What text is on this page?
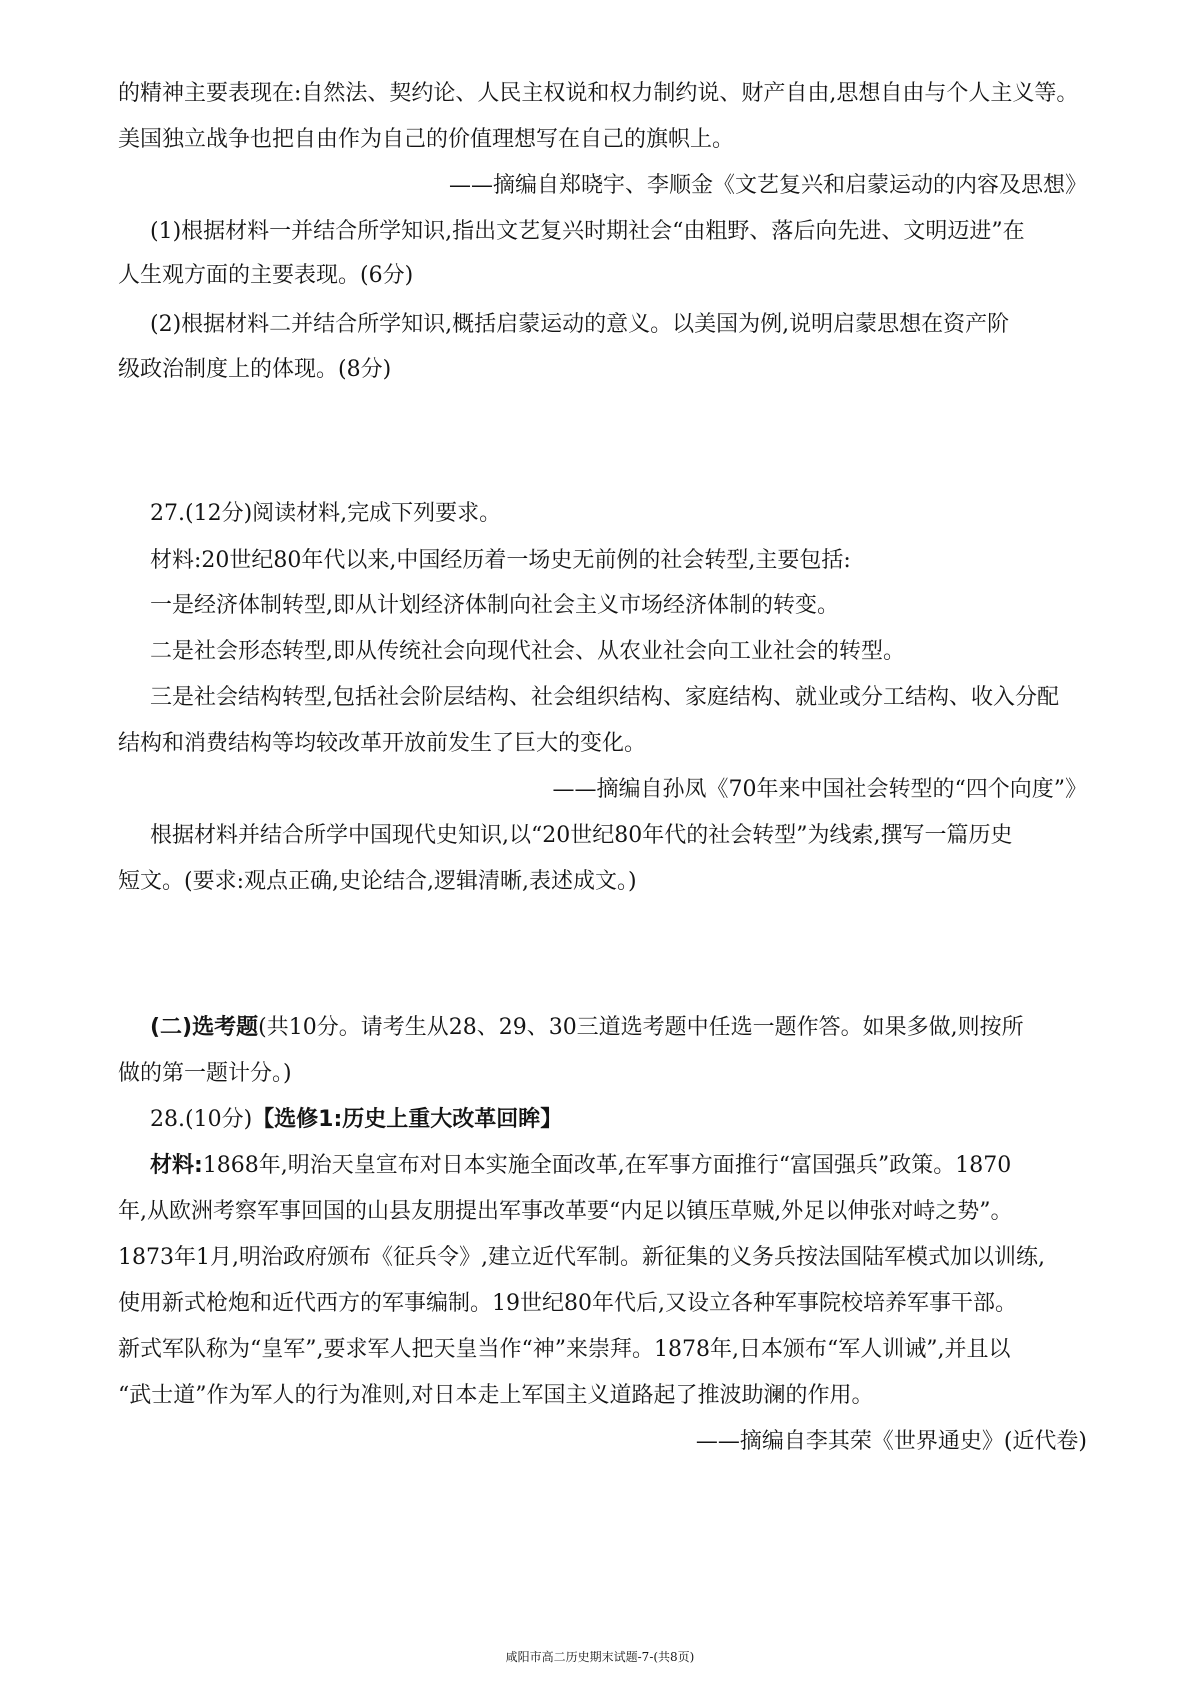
的精神主要表现在:自然法、契约论、人民主权说和权力制约说、财产自由,思想自由与个人主义等。
美国独立战争也把自由作为自己的价值理想写在自己的旗帜上。
——摘编自郑晓宇、李顺金《文艺复兴和启蒙运动的内容及思想》
(1)根据材料一并结合所学知识,指出文艺复兴时期社会“由粗野、落后向先进、文明迈进”在
人生观方面的主要表现。(6分)
(2)根据材料二并结合所学知识,概括启蒙运动的意义。以美国为例,说明启蒙思想在资产阶
级政治制度上的体现。(8分)
27.(12分)阅读材料,完成下列要求。
材料:20世纪80年代以来,中国经历着一场史无前例的社会转型,主要包括:
一是经济体制转型,即从计划经济体制向社会主义市场经济体制的转变。
二是社会形态转型,即从传统社会向现代社会、从农业社会向工业社会的转型。
三是社会结构转型,包括社会阶层结构、社会组织结构、家庭结构、就业或分工结构、收入分配
结构和消费结构等均较改革开放前发生了巨大的变化。
——摘编自孙凤《70年来中国社会转型的“四个向度”》
根据材料并结合所学中国现代史知识,以“20世纪80年代的社会转型”为线索,撰写一篇历史
短文。(要求:观点正确,史论结合,逻辑清晰,表述成文。)
(二)选考题(共10分。请考生从28、29、30三道选考题中任选一题作答。如果多做,则按所
做的第一题计分。)
28.(10分)【选修1:历史上重大改革回眸】
材料:1868年,明治天皇宣布对日本实施全面改革,在军事方面推行“富国强兵”政策。1870
年,从欧洲考察军事回国的山县友朋提出军事改革要“内足以镇压草贼,外足以伸张对峙之势”。
1873年1月,明治政府颁布《征兵令》,建立近代军制。新征集的义务兵按法国陆军模式加以训练,
使用新式枪炮和近代西方的军事编制。19世纪80年代后,又设立各种军事院校培养军事干部。
新式军队称为“皇军”,要求军人把天皇当作“神”来崇拜。1878年,日本颁布“军人训诫”,并且以
“武士道”作为军人的行为准则,对日本走上军国主义道路起了推波助澜的作用。
——摘编自李其荣《世界通史》(近代卷)
咸阳市高二历史期末试题-7-(共8页)
